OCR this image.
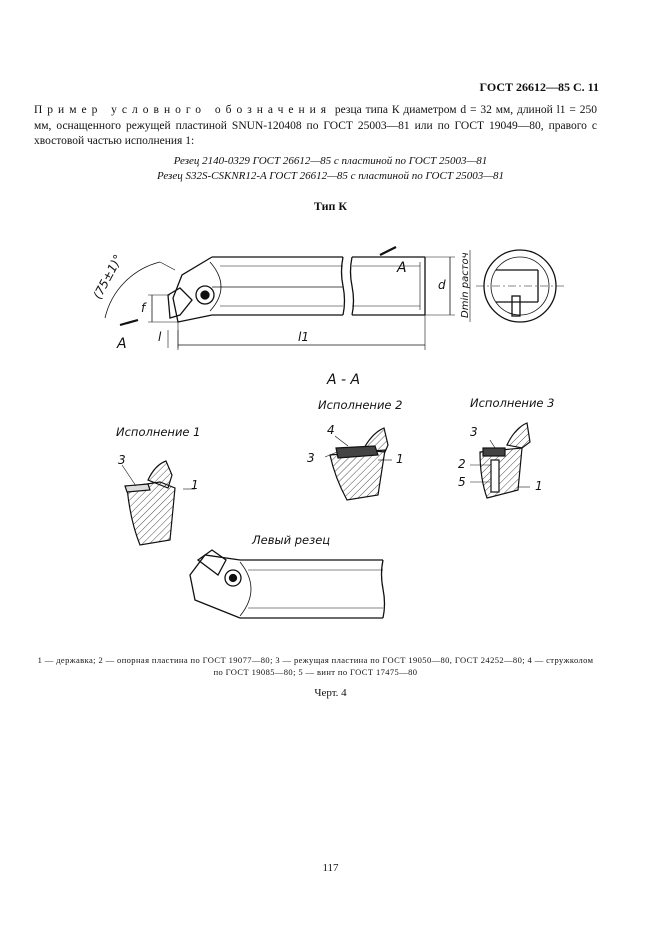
ГОСТ 26612—85 С. 11
Пример условного обозначения резца типа К диаметром d = 32 мм, длиной l1 = 250 мм, оснащенного режущей пластиной SNUN-120408 по ГОСТ 25003—81 или по ГОСТ 19049—80, правого с хвостовой частью исполнения 1:
Резец 2140-0329 ГОСТ 26612—85 с пластиной по ГОСТ 25003—81
Резец S32S-CSKNR12-A ГОСТ 26612—85 с пластиной по ГОСТ 25003—81
Тип К
(75±1)°
f
l	l1
d Dmin расточ
А
А
А - А
Исполнение 1
Исполнение 2	Исполнение 3
3
1
4
3	1
3
2
5	1
Левый резец
1 — державка; 2 — опорная пластина по ГОСТ 19077—80; 3 — режущая пластина по ГОСТ 19050—80, ГОСТ 24252—80; 4 — стружколом по ГОСТ 19085—80; 5 — винт по ГОСТ 17475—80
Черт. 4
117
